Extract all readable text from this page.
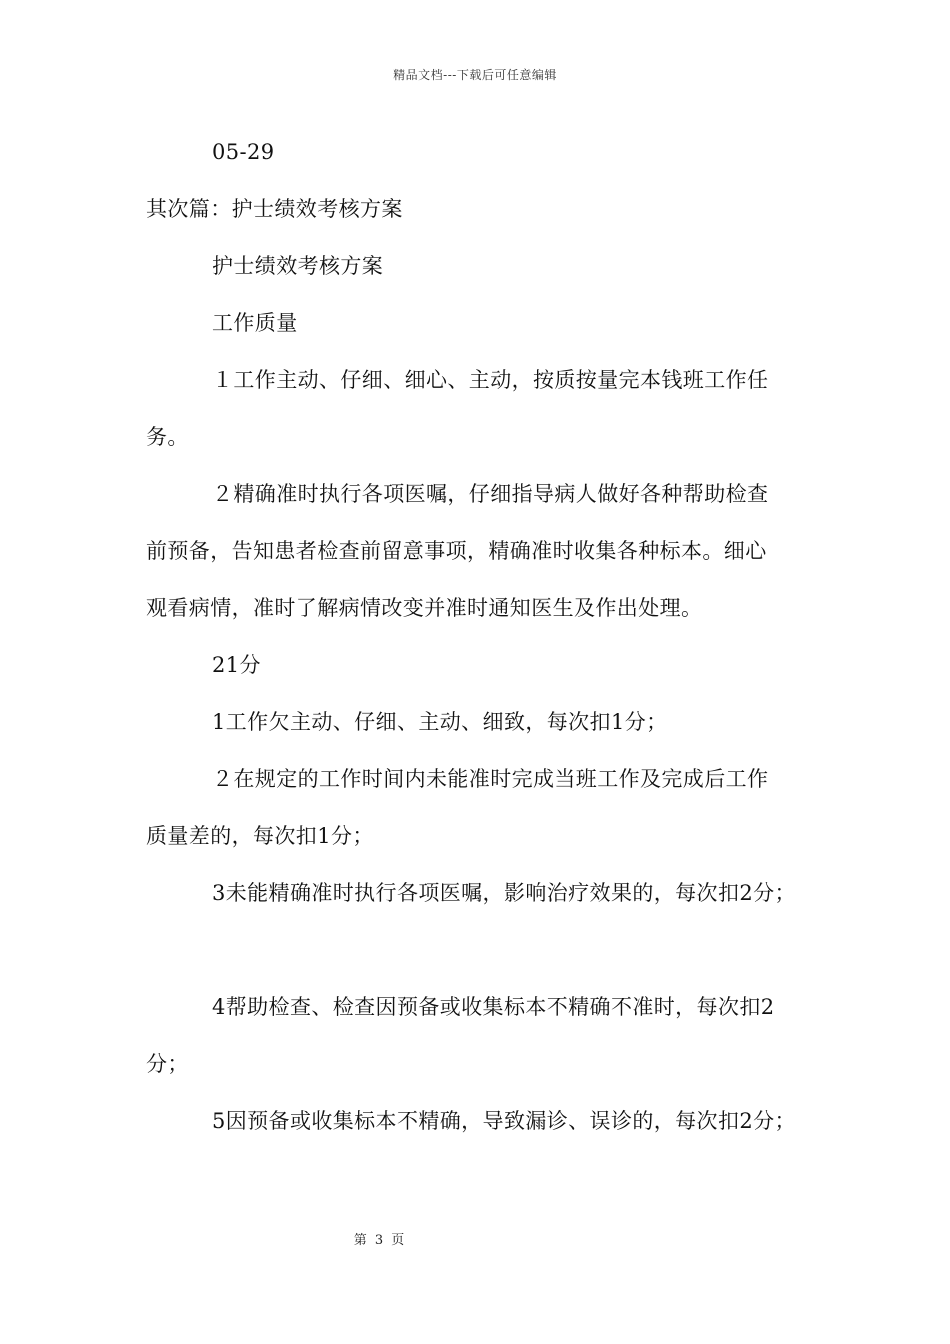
精品文档---下载后可任意编辑
05-29
其次篇：护士绩效考核方案
护士绩效考核方案
工作质量
１工作主动、仔细、细心、主动，按质按量完本钱班工作任
务。
２精确准时执行各项医嘱，仔细指导病人做好各种帮助检查
前预备，告知患者检查前留意事项，精确准时收集各种标本。细心
观看病情，准时了解病情改变并准时通知医生及作出处理。
21分
1工作欠主动、仔细、主动、细致，每次扣1分；
２在规定的工作时间内未能准时完成当班工作及完成后工作
质量差的，每次扣1分；
3未能精确准时执行各项医嘱，影响治疗效果的，每次扣2分；
4帮助检查、检查因预备或收集标本不精确不准时，每次扣2
分；
5因预备或收集标本不精确，导致漏诊、误诊的，每次扣2分；
第 3 页
